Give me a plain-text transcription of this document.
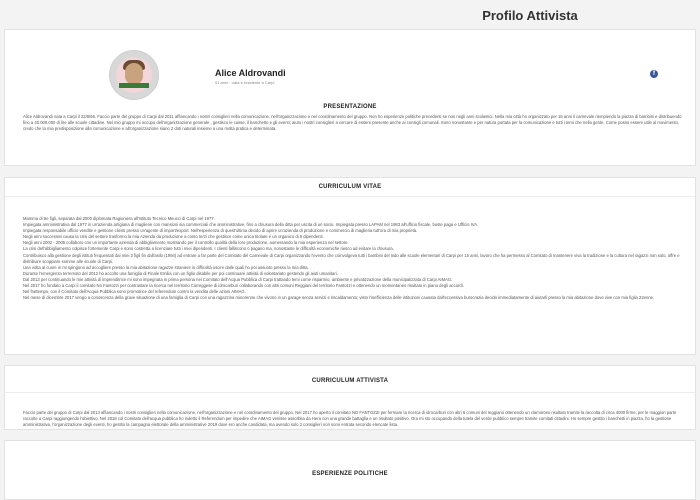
Profilo Attivista
Alice Aldrovandi
51 anni · nata e residente a Carpi
f
PRESENTAZIONE
Alice Aldrovandi nata a Carpi il 22/8/66. Faccio parte del gruppo di Carpi dal 2011 affiancando i nostri consiglieri nella comunicazione, nell'organizzazione e nel coordinamento del gruppo. Non ho esperienze politiche precedenti se non negli anni scolastici. Nella mia città ho organizzato per 15 anni il carnevale riempiendo la piazza di bambini e distribuendo fino a 40.000.000 di lire alle scuole cittadine. Nel mio gruppo mi occupo dell'organizzazione generale , gestisco le casse, il banchetto e gli eventi; aiuto i nostri consiglieri a cercare di essere presente anche ai consigli comunali. Sono nonostante e per natura portata per la comunicazione e tutti i temi che nella gente. Come posso essere utile al movimento, credo che la mia predisposizione alla comunicazione e all'organizzazione siano 2 doti naturali insieme a una molta pratica e determinata.
CURRICULUM VITAE

Mamma di tre figli, separata dal 2000 diplomata Ragioniera all'Istituto Tecnico Meucci di Carpi nel 1977.

Impiegata amministrativa dal 1977 in un'azienda artigiana di maglierie con mansioni sia commerciali che amministrative, fino a chiusura della ditta per uscita di un socio. Impiegata presso LAPAM nel 1983 all'ufficio fiscale, buste paga e Ufficio IVA.

Impiegata responsabile ufficio vendite e gestione clienti presso un'agente di import/export. Nell'esperienza di quest'ultima decido di aprire un'azienda di produzione e commercio di maglieria tutt'ora di mia proprietà.

Negli anni successivi causa la crisi del settore trasformo la mia Azienda da produzione a conto terzi che gestisce come unica titolare e un organico di 5 dipendenti.

Negli anni 2002 - 2005 collaboro con un importante azienda di abbigliamento mostrando per il controllo qualità della loro produzione, aumentando la mia esperienza nel settore.

La crisi dell'abbigliamento colpisce fortemente Carpi e sono costretta a licenziare tutti i miei dipendenti. I clienti falliscono o pagano ma, nonostante le difficoltà economiche riesco ad evitare la chiusura.

Contribuisco alla gestione degli istituti frequentati dai miei 3 figli fin dall'asilo (1994) ad entrare a far parte del Comitato del Carnevale di Carpi organizzando l'evento che coinvolgeva tutti i bambini del nido alle scuole elementari di Carpi per 15 anni, lavoro che ha permesso al Comitato di mantenere viva la tradizione e la cultura nel ragazzi non solo, offre e distribuire scoppiare somme alle scuole di Carpi.

Una volta al cuore in mi spingono ad accogliere presso la mia abitazione ragazze straniere in difficoltà uscire dalle quali ho poi assunto presso la mia ditta.

Durante l'emergenza terremoto del 2012 ho accolto una famiglia di Finale Emilia con un figlio disabile per poi continuare attività di volontariato gestendo gli aiuti umanitari.

Dal 2013 per continuando le mie attività di imprenditrice mi sono impegnata in prima persona nel Comitato dell'Acqua Pubblica di Carpi trattando temi come risparmio, ambiente e privatizzazione della municipalizzata di Carpi AIMAG.

Nel 2017 ho fondato a Carpi il comitato No Fantozzi per contrastare la ricerca nel territorio Correggese di idrocarburi collaborando con altri comuni Reggiani del territorio Fantozzi e ottenendo un momentaneo risultato in piano degli accordi.

Nel frattempo, con il Comitato dell'Acqua Pubblica sono promotrice del referendum contro la vendita delle azioni AIMAG.

Nel mese di dicembre 2017 vengo a conoscenza della grave situazione di una famiglia di Carpi con una ragazzina minorenne che vivono in un garage senza servizi e riscaldamento; visto l'inefficienza delle istituzioni causata dall'eccessiva burocrazia decido immediatamente di aiutarli presso la mia abitazione dove vive con mia figlia 22enne.

CURRICULUM ATTIVISTA
Faccio parte del gruppo di Carpi dal 2013 affiancando i nostri consiglieri nella comunicazione, nell'organizzazione e nel coordinamento del gruppo. Nel 2017 ho aperto il comitato NO FANTOZZI per fermare la ricerca di idrocarburi con altri 6 comuni del reggiano ottenendo un clamoroso risultato tramite la raccolta di circa 4000 firme; per le maggiori parte raccolte a Carpi raggiungendo l'obiettivo. Nel 2018 col Comitato dell'acqua pubblica ho indetto il Referendum per impedire che AIMAG venisse assorbita da Hera con una grande battaglia e un risultato positivo. Ora mi sto occupando della tutela del verde pubblico sempre tramite comitati cittadini. Ho sempre gestito i banchetti in piazza, ho la gestione amministrativa, l'organizzazione degli eventi, ho gestito la campagna elettorale della amministrative 2019 dove ero anche candidata, ma avendo solo 2 consiglieri non sono entrata secondo elencate lista.
ESPERIENZE POLITICHE
